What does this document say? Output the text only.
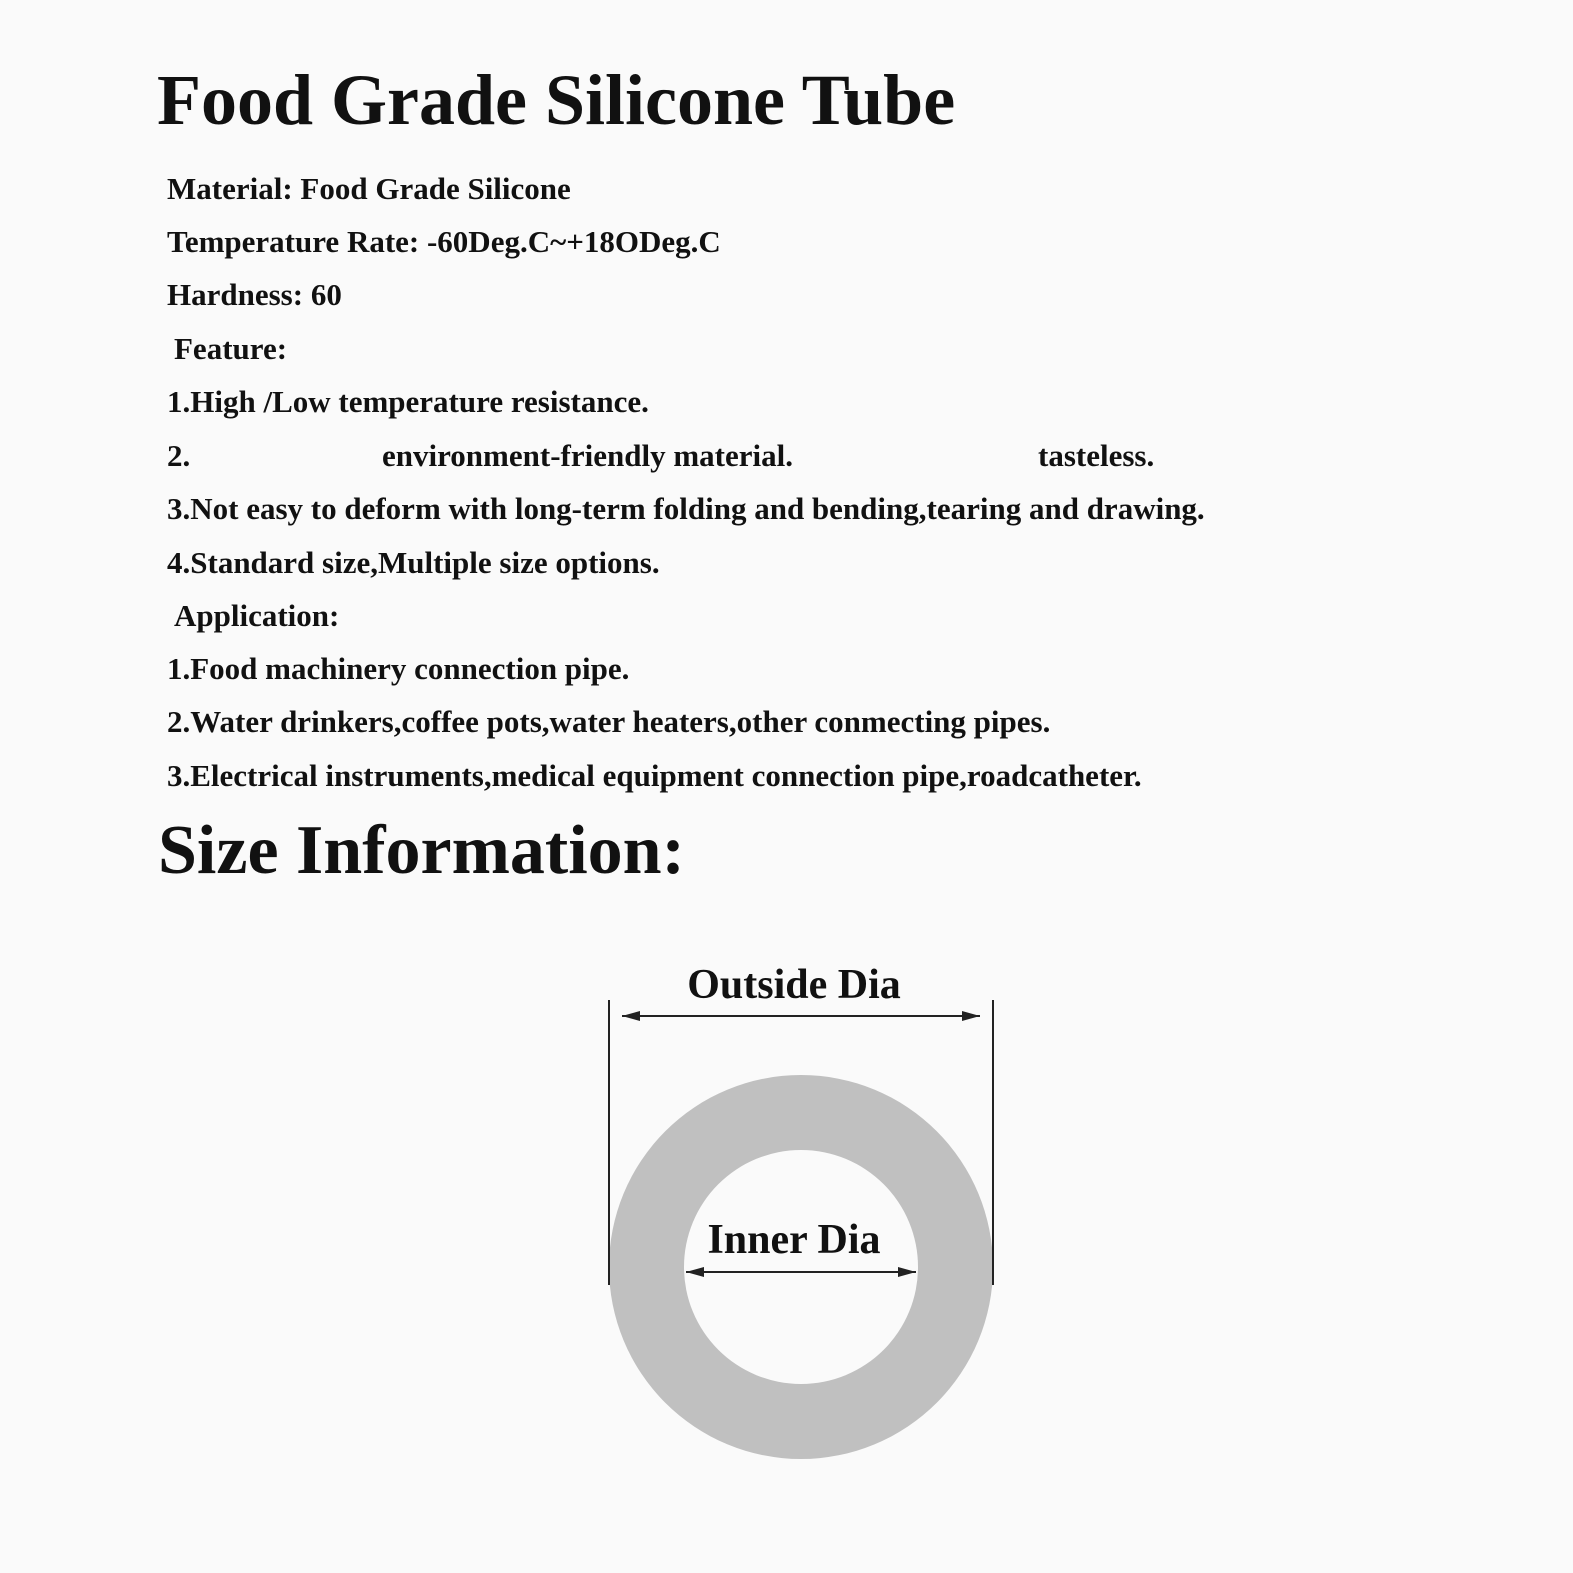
Food Grade Silicone Tube

Material: Food Grade Silicone

Temperature Rate: -60Deg.C~+18ODeg.C

Hardness: 60

Feature:

1.High /Low temperature resistance.

2.	environment-friendly material.	tasteless.

3.Not easy to deform with long-term folding and bending,tearing and drawing.

4.Standard size,Multiple size options.

Application:

1.Food machinery connection pipe.

2.Water drinkers,coffee pots,water heaters,other conmecting pipes.

3.Electrical instruments,medical equipment connection pipe,roadcatheter.

Size Information:
Outside Dia
Inner Dia
